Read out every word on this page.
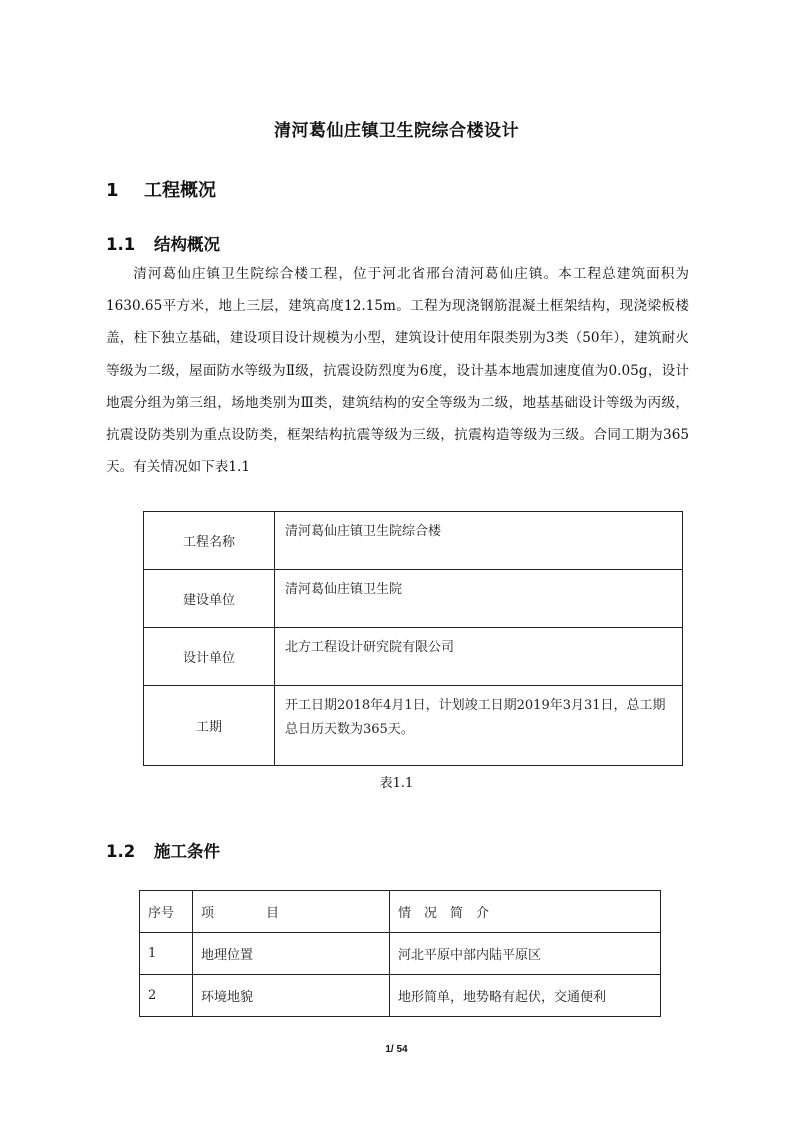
清河葛仙庄镇卫生院综合楼设计
1 工程概况
1.1 结构概况
清河葛仙庄镇卫生院综合楼工程，位于河北省邢台清河葛仙庄镇。本工程总建筑面积为1630.65平方米，地上三层，建筑高度12.15m。工程为现浇钢筋混凝土框架结构，现浇梁板楼盖，柱下独立基础，建设项目设计规模为小型，建筑设计使用年限类别为3类（50年），建筑耐火等级为二级，屋面防水等级为Ⅱ级，抗震设防烈度为6度，设计基本地震加速度值为0.05g，设计地震分组为第三组，场地类别为Ⅲ类，建筑结构的安全等级为二级，地基基础设计等级为丙级，抗震设防类别为重点设防类，框架结构抗震等级为三级，抗震构造等级为三级。合同工期为365天。有关情况如下表1.1
工程名称	清河葛仙庄镇卫生院综合楼
建设单位	清河葛仙庄镇卫生院
设计单位	北方工程设计研究院有限公司
工期	开工日期2018年4月1日，计划竣工日期2019年3月31日，总工期总日历天数为365天。
表1.1
1.2 施工条件
序号	项　　　　目	情　况　简　介
1	地理位置	河北平原中部内陆平原区
2	环境地貌	地形简单，地势略有起伏，交通便利
1/ 54
